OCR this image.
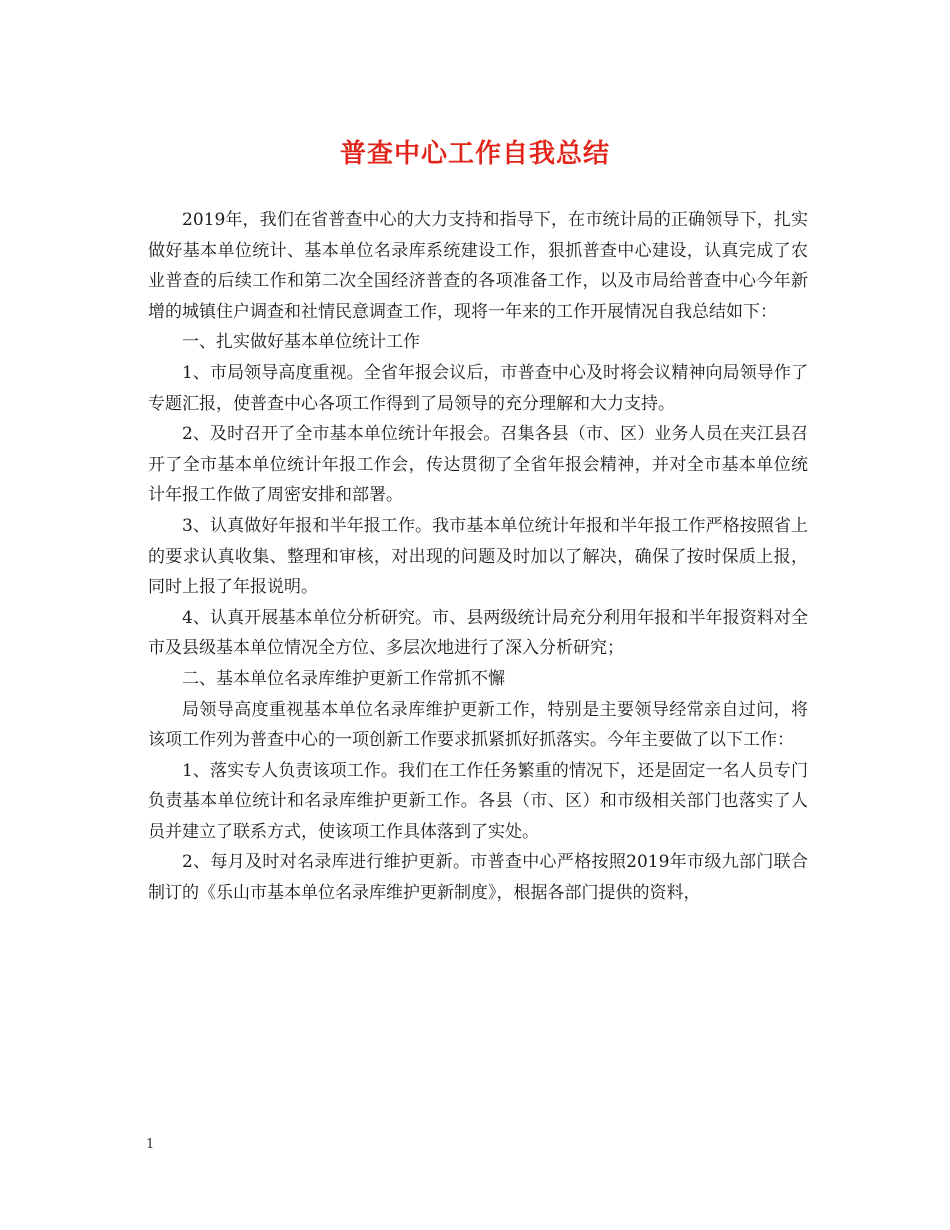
普查中心工作自我总结

2019年，我们在省普查中心的大力支持和指导下，在市统计局的正确领导下，扎实做好基本单位统计、基本单位名录库系统建设工作，狠抓普查中心建设，认真完成了农业普查的后续工作和第二次全国经济普查的各项准备工作，以及市局给普查中心今年新增的城镇住户调查和社情民意调查工作，现将一年来的工作开展情况自我总结如下：

一、扎实做好基本单位统计工作

1、市局领导高度重视。全省年报会议后，市普查中心及时将会议精神向局领导作了专题汇报，使普查中心各项工作得到了局领导的充分理解和大力支持。

2、及时召开了全市基本单位统计年报会。召集各县（市、区）业务人员在夹江县召开了全市基本单位统计年报工作会，传达贯彻了全省年报会精神，并对全市基本单位统计年报工作做了周密安排和部署。

3、认真做好年报和半年报工作。我市基本单位统计年报和半年报工作严格按照省上的要求认真收集、整理和审核，对出现的问题及时加以了解决，确保了按时保质上报，同时上报了年报说明。

4、认真开展基本单位分析研究。市、县两级统计局充分利用年报和半年报资料对全市及县级基本单位情况全方位、多层次地进行了深入分析研究；

二、基本单位名录库维护更新工作常抓不懈

局领导高度重视基本单位名录库维护更新工作，特别是主要领导经常亲自过问，将该项工作列为普查中心的一项创新工作要求抓紧抓好抓落实。今年主要做了以下工作：

1、落实专人负责该项工作。我们在工作任务繁重的情况下，还是固定一名人员专门负责基本单位统计和名录库维护更新工作。各县（市、区）和市级相关部门也落实了人员并建立了联系方式，使该项工作具体落到了实处。

2、每月及时对名录库进行维护更新。市普查中心严格按照2019年市级九部门联合制订的《乐山市基本单位名录库维护更新制度》，根据各部门提供的资料，

1
